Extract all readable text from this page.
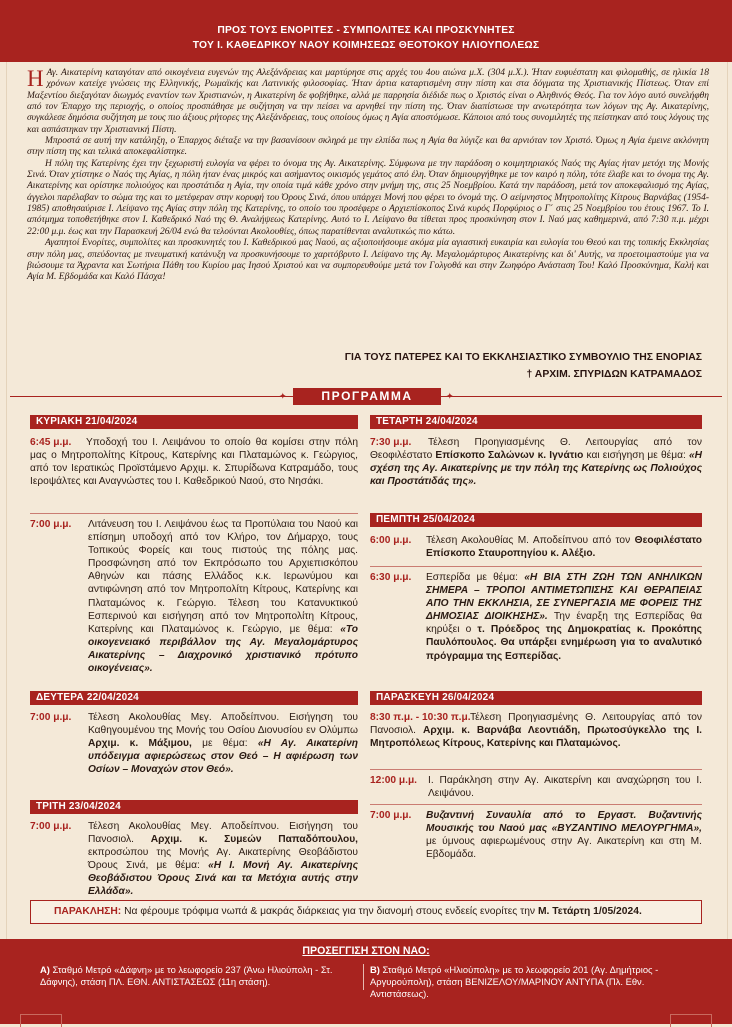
ΠΡΟΣ ΤΟΥΣ ΕΝΟΡΙΤΕΣ - ΣΥΜΠΟΛΙΤΕΣ ΚΑΙ ΠΡΟΣΚΥΝΗΤΕΣ
ΤΟΥ Ι. ΚΑΘΕΔΡΙΚΟΥ ΝΑΟΥ ΚΟΙΜΗΣΕΩΣ ΘΕΟΤΟΚΟΥ ΗΛΙΟΥΠΟΛΕΩΣ

Η Αγ. Αικατερίνη καταγόταν από οικογένεια ευγενών της Αλεξάνδρειας και μαρτύρησε στις αρχές του 4ου αιώνα μ.Χ. (304 μ.Χ.). Ήταν ευφυέστατη και φιλομαθής, σε ηλικία 18 χρόνων κατείχε γνώσεις της Ελληνικής, Ρωμαϊκής και Λατινικής φιλοσοφίας. Ήταν άρτια καταρτισμένη στην πίστη και στα δόγματα της Χριστιανικής Πίστεως. Όταν επί Μαξεντίου διεξαγόταν διωγμός εναντίον των Χριστιανών, η Αικατερίνη δε φοβήθηκε, αλλά με παρρησία διέδιδε πως ο Χριστός είναι ο Αληθινός Θεός. Για τον λόγο αυτό συνελήφθη από τον Έπαρχο της περιοχής, ο οποίος προσπάθησε με συζήτηση να την πείσει να αρνηθεί την πίστη της. Όταν διαπίστωσε την ανωτερότητα των λόγων της Αγ. Αικατερίνης, συγκάλεσε δημόσια συζήτηση με τους πιο άξιους ρήτορες της Αλεξάνδρειας, τους οποίους όμως η Αγία αποστόμωσε. Κάποιοι από τους συνομιλητές της πείστηκαν από τους λόγους της και ασπάστηκαν την Χριστιανική Πίστη.

Μπροστά σε αυτή την κατάληξη, ο Έπαρχος διέταξε να την βασανίσουν σκληρά με την ελπίδα πως η Αγία θα λύγιζε και θα αρνιόταν τον Χριστό. Όμως η Αγία έμεινε ακλόνητη στην πίστη της και τελικά αποκεφαλίστηκε.

Η πόλη της Κατερίνης έχει την ξεχωριστή ευλογία να φέρει το όνομα της Αγ. Αικατερίνης. Σύμφωνα με την παράδοση ο κοιμητηριακός Ναός της Αγίας ήταν μετόχι της Μονής Σινά. Όταν χτίστηκε ο Ναός της Αγίας, η πόλη ήταν ένας μικρός και ασήμαντος οικισμός γεμάτος από έλη. Όταν δημιουργήθηκε με τον καιρό η πόλη, τότε έλαβε και το όνομα της Αγ. Αικατερίνης και ορίστηκε πολιούχος και προστάτιδα η Αγία, την οποία τιμά κάθε χρόνο στην μνήμη της, στις 25 Νοεμβρίου. Κατά την παράδοση, μετά τον αποκεφαλισμό της Αγίας, άγγελοι παρέλαβαν το σώμα της και το μετέφεραν στην κορυφή του Όρους Σινά, όπου υπάρχει Μονή που φέρει το όνομά της. Ο αείμνηστος Μητροπολίτης Κίτρους Βαρνάβας (1954-1985) αποθησαύρισε Ι. Λείψανο της Αγίας στην πόλη της Κατερίνης, το οποίο του προσέφερε ο Αρχιεπίσκοπος Σινά κυρός Πορφύριος ο Γ΄ στις 25 Νοεμβρίου του έτους 1967. Το Ι. απότμημα τοποθετήθηκε στον Ι. Καθεδρικό Ναό της Θ. Αναλήψεως Κατερίνης. Αυτό το Ι. Λείψανο θα τίθεται προς προσκύνηση στον Ι. Ναό μας καθημερινά, από 7:30 π.μ. μέχρι 22:00 μ.μ. έως και την Παρασκευή 26/04 ενώ θα τελούνται Ακολουθίες, όπως παρατίθενται αναλυτικώς πιο κάτω.

Αγαπητοί Ενορίτες, συμπολίτες και προσκυνητές του Ι. Καθεδρικού μας Ναού, ας αξιοποιήσουμε ακόμα μία αγιαστική ευκαιρία και ευλογία του Θεού και της τοπικής Εκκλησίας στην πόλη μας, σπεύδοντας με πνευματική κατάνυξη να προσκυνήσουμε το χαριτόβρυτο Ι. Λείψανο της Αγ. Μεγαλομάρτυρος Αικατερίνης και δι' Αυτής, να προετοιμαστούμε για να βιώσουμε τα Άχραντα και Σωτήρια Πάθη του Κυρίου μας Ιησού Χριστού και να συμπορευθούμε μετά τον Γολγοθά και στην Ζωηφόρο Ανάσταση Του! Καλό Προσκύνημα, Καλή και Αγία Μ. Εβδομάδα και Καλό Πάσχα!

ΓΙΑ ΤΟΥΣ ΠΑΤΕΡΕΣ ΚΑΙ ΤΟ ΕΚΚΛΗΣΙΑΣΤΙΚΟ ΣΥΜΒΟΥΛΙΟ ΤΗΣ ΕΝΟΡΙΑΣ
† ΑΡΧΙΜ. ΣΠΥΡΙΔΩΝ ΚΑΤΡΑΜΑΔΟΣ
ΠΡΟΓΡΑΜΜΑ
✦	✦
ΚΥΡΙΑΚΗ 21/04/2024
6:45 μ.μ.	Υποδοχή του Ι. Λειψάνου το οποίο θα κομίσει στην πόλη μας ο Μητροπολίτης Κίτρους, Κατερίνης και Πλαταμώνος κ. Γεώργιος, από τον Ιερατικώς Προϊστάμενο Αρχιμ. κ. Σπυρίδωνα Κατραμάδο, τους Ιεροψάλτες και Αναγνώστες του Ι. Καθεδρικού Ναού, στο Νησάκι.
7:00 μ.μ.	Λιτάνευση του Ι. Λειψάνου έως τα Προπύλαια του Ναού και επίσημη υποδοχή από τον Κλήρο, τον Δήμαρχο, τους Τοπικούς Φορείς και τους πιστούς της πόλης μας. Προσφώνηση από τον Εκπρόσωπο του Αρχιεπισκόπου Αθηνών και πάσης Ελλάδος κ.κ. Ιερωνύμου και αντιφώνηση από τον Μητροπολίτη Κίτρους, Κατερίνης και Πλαταμώνος κ. Γεώργιο. Τέλεση του Κατανυκτικού Εσπερινού και εισήγηση από τον Μητροπολίτη Κίτρους, Κατερίνης και Πλαταμώνος κ. Γεώργιο, με θέμα: «Το οικογενειακό περιβάλλον της Αγ. Μεγαλομάρτυρος Αικατερίνης – Διαχρονικό χριστιανικό πρότυπο οικογένειας».
ΔΕΥΤΕΡΑ 22/04/2024
7:00 μ.μ.	Τέλεση Ακολουθίας Μεγ. Αποδείπνου. Εισήγηση του Καθηγουμένου της Μονής του Οσίου Διονυσίου εν Ολύμπω Αρχιμ. κ. Μάξιμου, με θέμα: «Η Αγ. Αικατερίνη υπόδειγμα αφιερώσεως στον Θεό – Η αφιέρωση των Οσίων – Μοναχών στον Θεό».
ΤΡΙΤΗ 23/04/2024
7:00 μ.μ.	Τέλεση Ακολουθίας Μεγ. Αποδείπνου. Εισήγηση του Πανοσιολ. Αρχιμ. κ. Συμεών Παπαδόπουλου, εκπροσώπου της Μονής Αγ. Αικατερίνης Θεοβάδιστου Όρους Σινά, με θέμα: «Η Ι. Μονή Αγ. Αικατερίνης Θεοβάδιστου Όρους Σινά και τα Μετόχια αυτής στην Ελλάδα».
ΤΕΤΑΡΤΗ 24/04/2024
7:30 μ.μ.	Τέλεση Προηγιασμένης Θ. Λειτουργίας από τον Θεοφιλέστατο Επίσκοπο Σαλώνων κ. Ιγνάτιο και εισήγηση με θέμα: «Η σχέση της Αγ. Αικατερίνης με την πόλη της Κατερίνης ως Πολιούχος και Προστάτιδάς της».
ΠΕΜΠΤΗ 25/04/2024
6:00 μ.μ.	Τέλεση Ακολουθίας Μ. Αποδείπνου από τον Θεοφιλέστατο Επίσκοπο Σταυροπηγίου κ. Αλέξιο.
6:30 μ.μ.	Εσπερίδα με θέμα: «Η ΒΙΑ ΣΤΗ ΖΩΗ ΤΩΝ ΑΝΗΛΙΚΩΝ ΣΗΜΕΡΑ – ΤΡΟΠΟΙ ΑΝΤΙΜΕΤΩΠΙΣΗΣ ΚΑΙ ΘΕΡΑΠΕΙΑΣ ΑΠΟ ΤΗΝ ΕΚΚΛΗΣΙΑ, ΣΕ ΣΥΝΕΡΓΑΣΙΑ ΜΕ ΦΟΡΕΙΣ ΤΗΣ ΔΗΜΟΣΙΑΣ ΔΙΟΙΚΗΣΗΣ». Την έναρξη της Εσπερίδας θα κηρύξει ο τ. Πρόεδρος της Δημοκρατίας κ. Προκόπης Παυλόπουλος. Θα υπάρξει ενημέρωση για το αναλυτικό πρόγραμμα της Εσπερίδας.
ΠΑΡΑΣΚΕΥΗ 26/04/2024
8:30 π.μ. - 10:30 π.μ. Τέλεση Προηγιασμένης Θ. Λειτουργίας από τον Πανοσιολ. Αρχιμ. κ. Βαρνάβα Λεοντιάδη, Πρωτοσύγκελλο της Ι. Μητροπόλεως Κίτρους, Κατερίνης και Πλαταμώνος.
12:00 μ.μ.	Ι. Παράκληση στην Αγ. Αικατερίνη και αναχώρηση του Ι. Λειψάνου.
7:00 μ.μ.	Βυζαντινή Συναυλία από το Εργαστ. Βυζαντινής Μουσικής του Ναού μας «ΒΥΖΑΝΤΙΝΟ ΜΕΛΟΥΡΓΗΜΑ», με ύμνους αφιερωμένους στην Αγ. Αικατερίνη και στη Μ. Εβδομάδα.
ΠΑΡΑΚΛΗΣΗ: Να φέρουμε τρόφιμα νωπά & μακράς διάρκειας για την διανομή στους ενδεείς ενορίτες την Μ. Τετάρτη 1/05/2024.
ΠΡΟΣΕΓΓΙΣΗ ΣΤΟΝ ΝΑΟ:
A) Σταθμό Μετρό «Δάφνη» με το λεωφορείο 237 (Άνω Ηλιούπολη - Στ. Δάφνης), στάση ΠΛ. ΕΘΝ. ΑΝΤΙΣΤΑΣΕΩΣ (11η στάση).
B) Σταθμό Μετρό «Ηλιούπολη» με το λεωφορείο 201 (Αγ. Δημήτριος - Αργυρούπολη), στάση ΒΕΝΙΖΕΛΟΥ/ΜΑΡΙΝΟΥ ΑΝΤΥΠΑ (Πλ. Εθν. Αντιστάσεως).
